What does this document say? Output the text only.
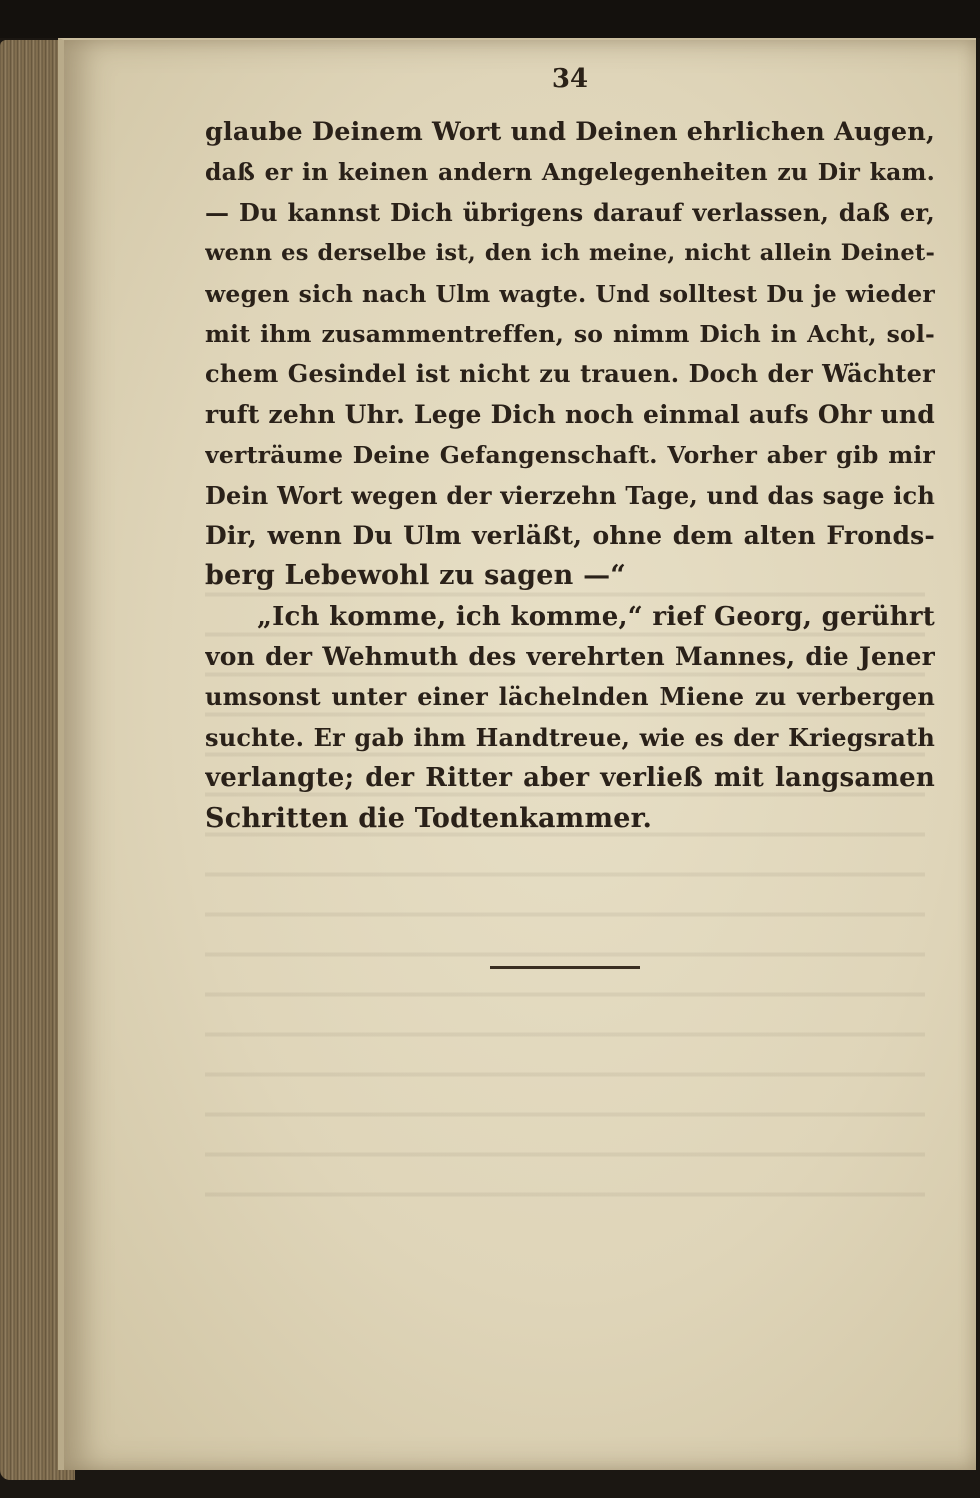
34
glaube Deinem Wort und Deinen ehrlichen Augen,
daß er in keinen andern Angelegenheiten zu Dir kam.
— Du kannst Dich übrigens darauf verlassen, daß er,
wenn es derselbe ist, den ich meine, nicht allein Deinet-
wegen sich nach Ulm wagte. Und solltest Du je wieder
mit ihm zusammentreffen, so nimm Dich in Acht, sol-
chem Gesindel ist nicht zu trauen. Doch der Wächter
ruft zehn Uhr. Lege Dich noch einmal aufs Ohr und
verträume Deine Gefangenschaft. Vorher aber gib mir
Dein Wort wegen der vierzehn Tage, und das sage ich
Dir, wenn Du Ulm verläßt, ohne dem alten Fronds-
berg Lebewohl zu sagen —“
„Ich komme, ich komme,“ rief Georg, gerührt
von der Wehmuth des verehrten Mannes, die Jener
umsonst unter einer lächelnden Miene zu verbergen
suchte. Er gab ihm Handtreue, wie es der Kriegsrath
verlangte; der Ritter aber verließ mit langsamen
Schritten die Todtenkammer.
